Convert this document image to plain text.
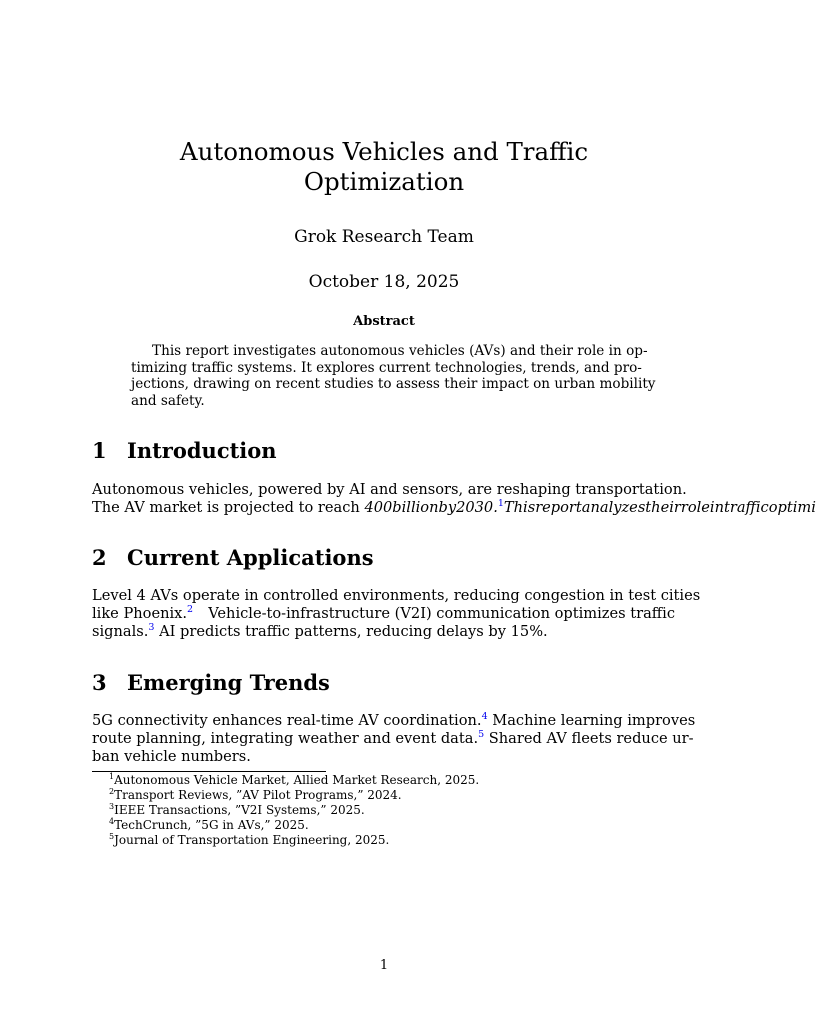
Autonomous Vehicles and Traffic
Optimization
Grok Research Team
October 18, 2025
Abstract
This report investigates autonomous vehicles (AVs) and their role in op-
timizing traffic systems. It explores current technologies, trends, and pro-
jections, drawing on recent studies to assess their impact on urban mobility
and safety.
1 Introduction
Autonomous vehicles, powered by AI and sensors, are reshaping transportation.
The AV market is projected to reach 400billionby2030.$^1$Thisreportanalyzestheirroleintrafficoptimi
2 Current Applications
Level 4 AVs operate in controlled environments, reducing congestion in test cities
like Phoenix.$^2$ Vehicle-to-infrastructure (V2I) communication optimizes traffic
signals.$^3$ AI predicts traffic patterns, reducing delays by 15%.
3 Emerging Trends
5G connectivity enhances real-time AV coordination.$^4$ Machine learning improves
route planning, integrating weather and event data.$^5$ Shared AV fleets reduce ur-
ban vehicle numbers.
$^1$Autonomous Vehicle Market, Allied Market Research, 2025.
$^2$Transport Reviews, ”AV Pilot Programs,” 2024.
$^3$IEEE Transactions, ”V2I Systems,” 2025.
$^4$TechCrunch, ”5G in AVs,” 2025.
$^5$Journal of Transportation Engineering, 2025.
1
